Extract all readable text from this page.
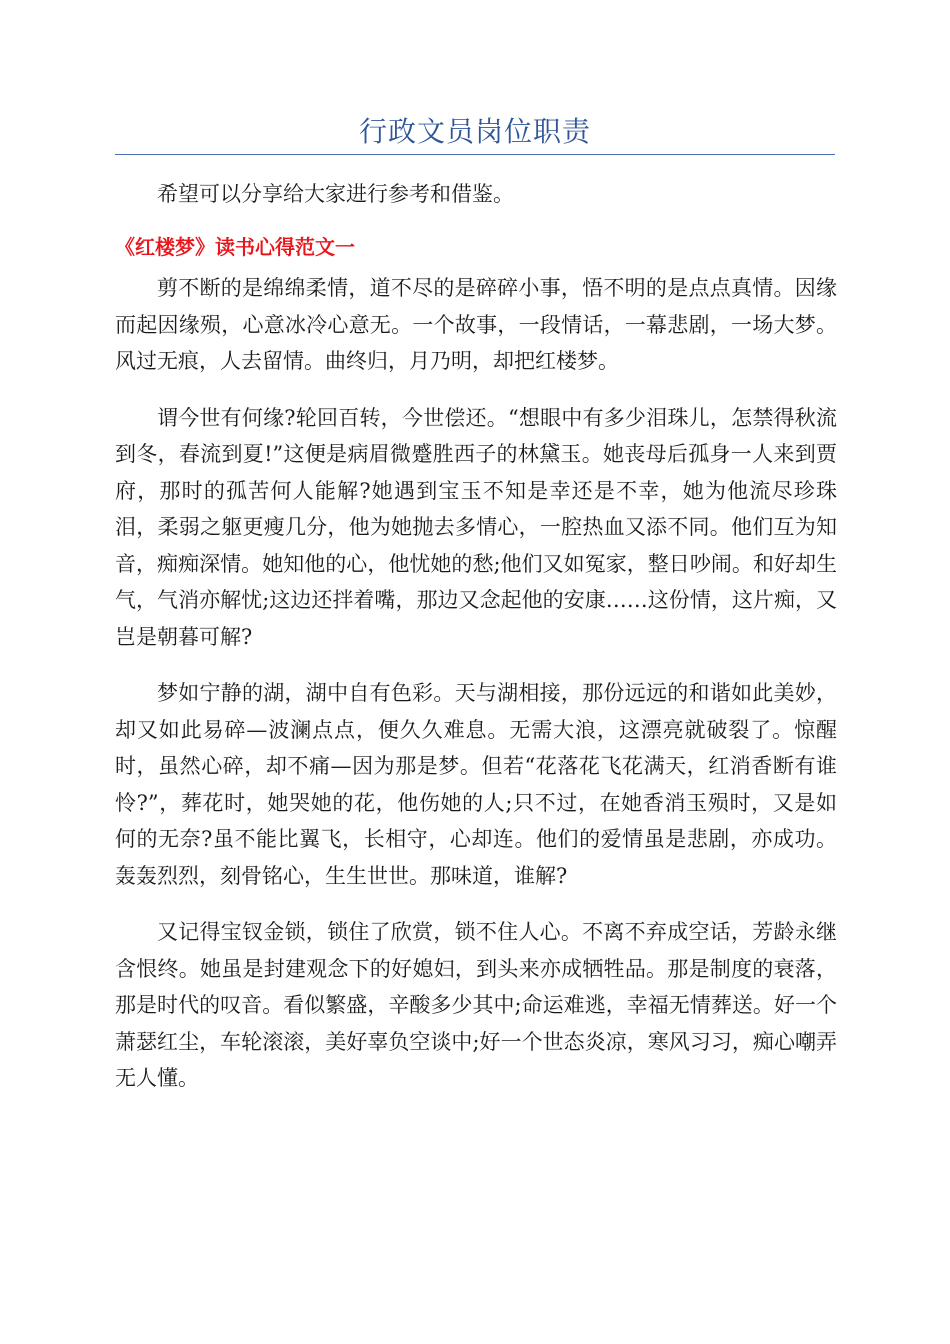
行政文员岗位职责

希望可以分享给大家进行参考和借鉴。

《红楼梦》读书心得范文一

剪不断的是绵绵柔情，道不尽的是碎碎小事，悟不明的是点点真情。因缘而起因缘殒，心意冰冷心意无。一个故事，一段情话，一幕悲剧，一场大梦。风过无痕，人去留情。曲终归，月乃明，却把红楼梦。

谓今世有何缘?轮回百转，今世偿还。“想眼中有多少泪珠儿，怎禁得秋流到冬，春流到夏!”这便是病眉微蹙胜西子的林黛玉。她丧母后孤身一人来到贾府，那时的孤苦何人能解?她遇到宝玉不知是幸还是不幸，她为他流尽珍珠泪，柔弱之躯更瘦几分，他为她抛去多情心，一腔热血又添不同。他们互为知音，痴痴深情。她知他的心，他忧她的愁;他们又如冤家，整日吵闹。和好却生气，气消亦解忧;这边还拌着嘴，那边又念起他的安康……这份情，这片痴，又岂是朝暮可解?

梦如宁静的湖，湖中自有色彩。天与湖相接，那份远远的和谐如此美妙，却又如此易碎—波澜点点，便久久难息。无需大浪，这漂亮就破裂了。惊醒时，虽然心碎，却不痛—因为那是梦。但若“花落花飞花满天，红消香断有谁怜?”，葬花时，她哭她的花，他伤她的人;只不过，在她香消玉殒时，又是如何的无奈?虽不能比翼飞，长相守，心却连。他们的爱情虽是悲剧，亦成功。轰轰烈烈，刻骨铭心，生生世世。那味道，谁解?

又记得宝钗金锁，锁住了欣赏，锁不住人心。不离不弃成空话，芳龄永继含恨终。她虽是封建观念下的好媳妇，到头来亦成牺牲品。那是制度的衰落，那是时代的叹音。看似繁盛，辛酸多少其中;命运难逃，幸福无情葬送。好一个萧瑟红尘，车轮滚滚，美好辜负空谈中;好一个世态炎凉，寒风习习，痴心嘲弄无人懂。
